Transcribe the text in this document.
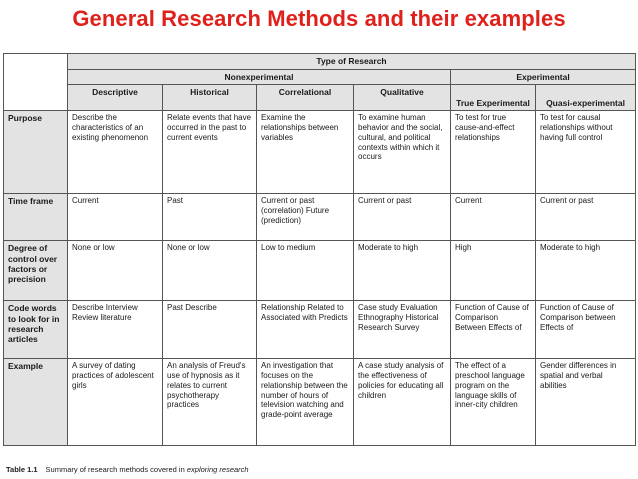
General Research Methods and their examples
	Type of Research					
	Nonexperimental				Experimental	
	Descriptive	Historical	Correlational	Qualitative	True Experimental	Quasi-experimental
Purpose	Describe the characteristics of an existing phenomenon	Relate events that have occurred in the past to current events	Examine the relationships between variables	To examine human behavior and the social, cultural, and political contexts within which it occurs	To test for true cause-and-effect relationships	To test for causal relationships without having full control
Time frame	Current	Past	Current or past (correlation) Future (prediction)	Current or past	Current	Current or past
Degree of control over factors or precision	None or low	None or low	Low to medium	Moderate to high	High	Moderate to high
Code words to look for in research articles	Describe Interview Review literature	Past Describe	Relationship Related to Associated with Predicts	Case study Evaluation Ethnography Historical Research Survey	Function of Cause of Comparison Between Effects of	Function of Cause of Comparison between Effects of
Example	A survey of dating practices of adolescent girls	An analysis of Freud's use of hypnosis as it relates to current psychotherapy practices	An investigation that focuses on the relationship between the number of hours of television watching and grade-point average	A case study analysis of the effectiveness of policies for educating all children	The effect of a preschool language program on the language skills of inner-city children	Gender differences in spatial and verbal abilities
Table 1.1 Summary of research methods covered in exploring research
